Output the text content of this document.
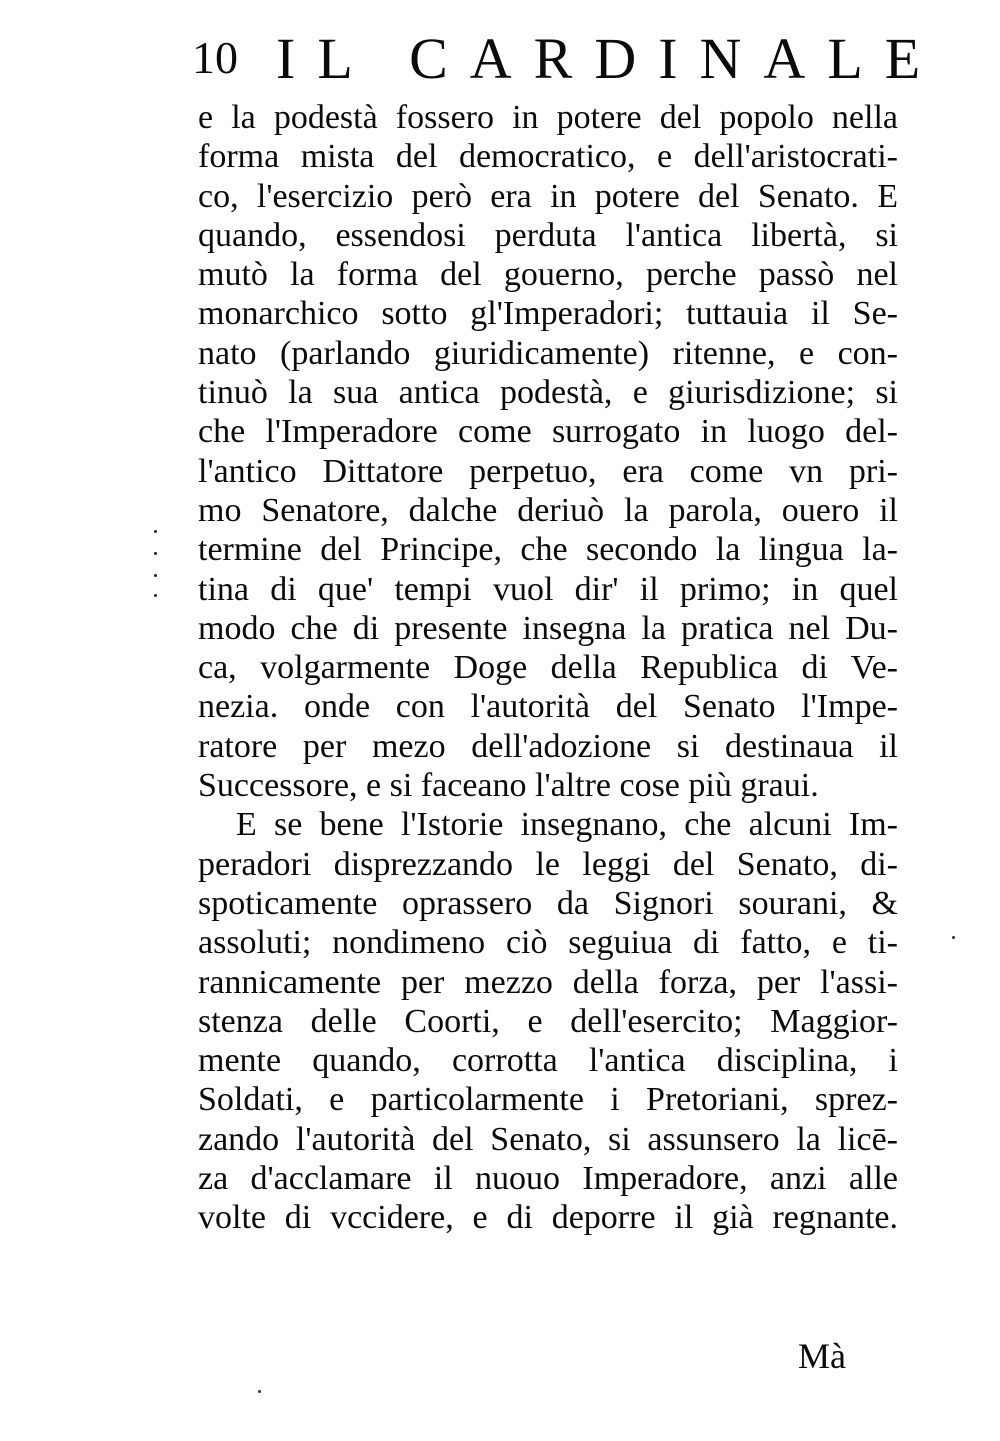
10 IL CARDINALE
e la podestà fossero in potere del popolo nella
forma mista del democratico, e dell'aristocrati-
co, l'esercizio però era in potere del Senato. E
quando, essendosi perduta l'antica libertà, si
mutò la forma del gouerno, perche passò nel
monarchico sotto gl'Imperadori; tuttauia il Se-
nato (parlando giuridicamente) ritenne, e con-
tinuò la sua antica podestà, e giurisdizione; si
che l'Imperadore come surrogato in luogo del-
l'antico Dittatore perpetuo, era come vn pri-
mo Senatore, dalche deriuò la parola, ouero il
termine del Principe, che secondo la lingua la-
tina di que' tempi vuol dir' il primo; in quel
modo che di presente insegna la pratica nel Du-
ca, volgarmente Doge della Republica di Ve-
nezia. onde con l'autorità del Senato l'Impe-
ratore per mezo dell'adozione si destinaua il
Successore, e si faceano l'altre cose più graui.
E se bene l'Istorie insegnano, che alcuni Im-
peradori disprezzando le leggi del Senato, di-
spoticamente oprassero da Signori sourani, &
assoluti; nondimeno ciò seguiua di fatto, e ti-
rannicamente per mezzo della forza, per l'assi-
stenza delle Coorti, e dell'esercito; Maggior-
mente quando, corrotta l'antica disciplina, i
Soldati, e particolarmente i Pretoriani, sprez-
zando l'autorità del Senato, si assunsero la licē-
za d'acclamare il nuouo Imperadore, anzi alle
volte di vccidere, e di deporre il già regnante.
Mà
